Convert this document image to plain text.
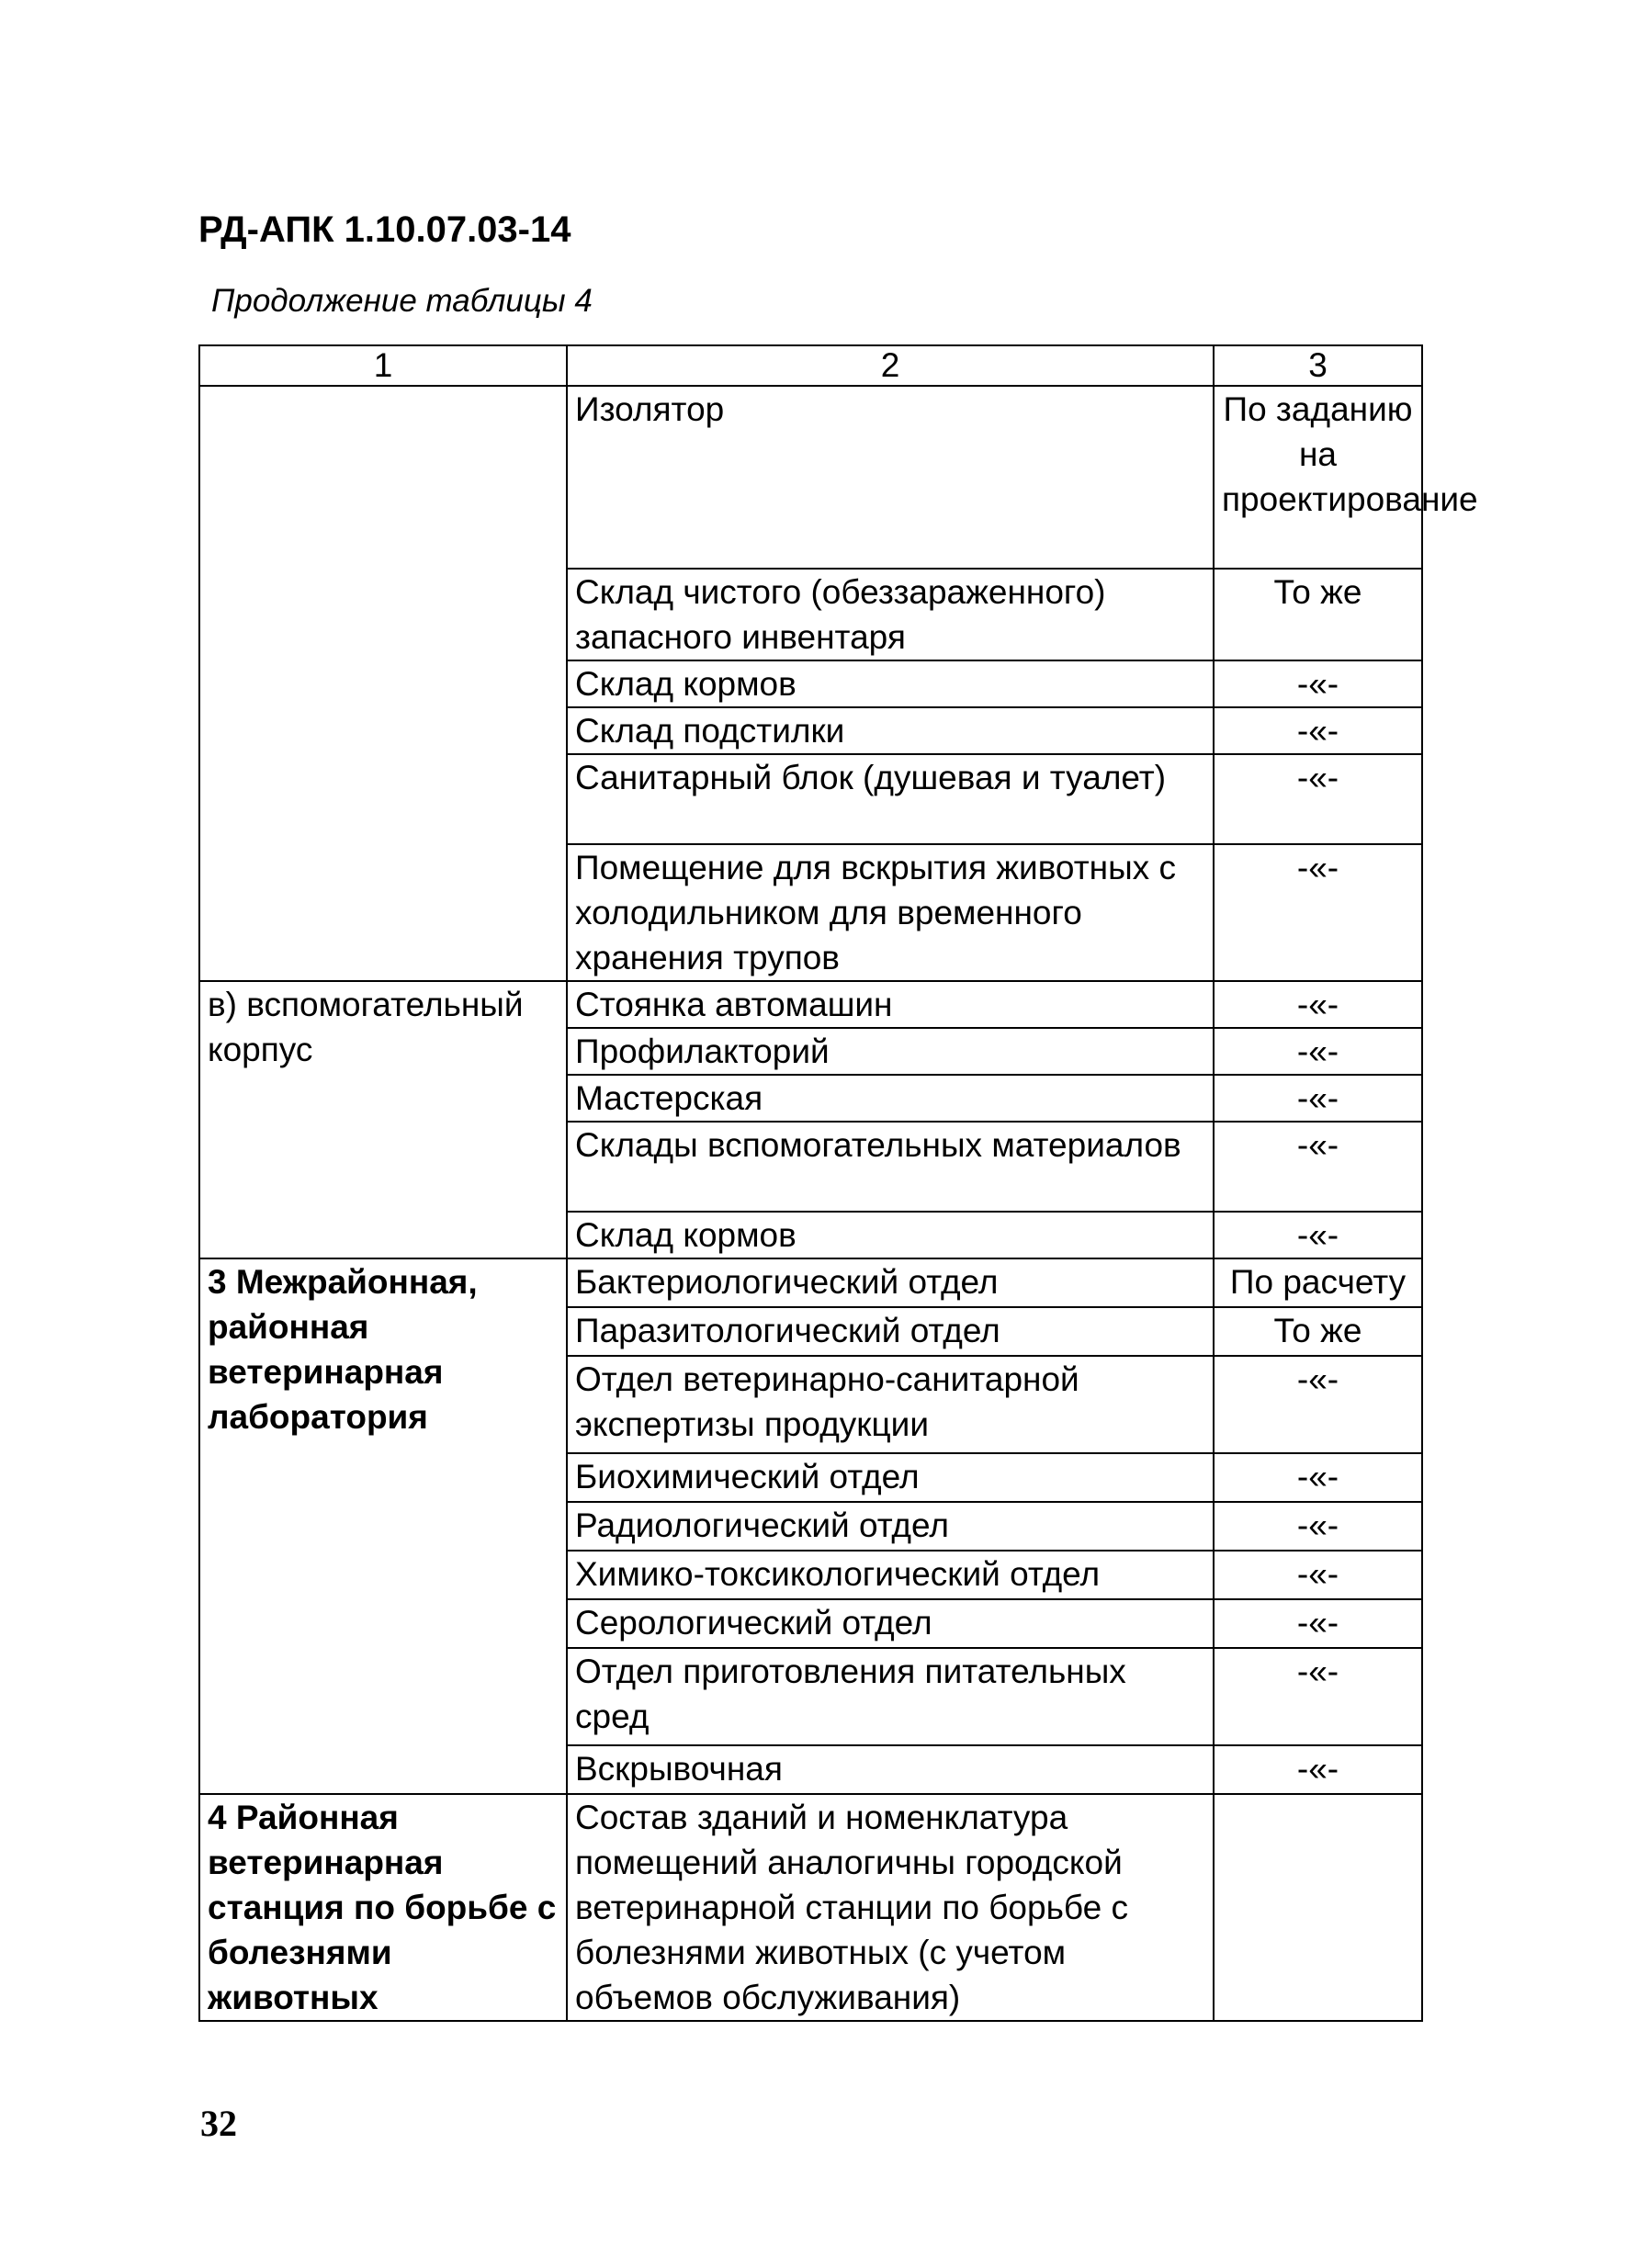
РД-АПК 1.10.07.03-14
Продолжение таблицы 4
1	2	3
	Изолятор	По заданию на проектирование
	Склад чистого (обеззараженного) запасного инвентаря	То же
	Склад кормов	-«-
	Склад подстилки	-«-
	Санитарный блок (душевая и туалет)	-«-
	Помещение для вскрытия животных с холодильником для временного хранения трупов	-«-
в) вспомогательный корпус	Стоянка автомашин	-«-
	Профилакторий	-«-
	Мастерская	-«-
	Склады вспомогательных материалов	-«-
	Склад кормов	-«-
3 Межрайонная, районная ветеринарная лаборатория	Бактериологический отдел	По расчету
	Паразитологический отдел	То же
	Отдел ветеринарно-санитарной экспертизы продукции	-«-
	Биохимический отдел	-«-
	Радиологический отдел	-«-
	Химико-токсикологический отдел	-«-
	Серологический отдел	-«-
	Отдел приготовления питательных сред	-«-
	Вскрывочная	-«-
4 Районная ветеринарная станция по борьбе с болезнями животных	Состав зданий и номенклатура помещений аналогичны городской ветеринарной станции по борьбе с болезнями животных (с учетом объемов обслуживания)	
32
